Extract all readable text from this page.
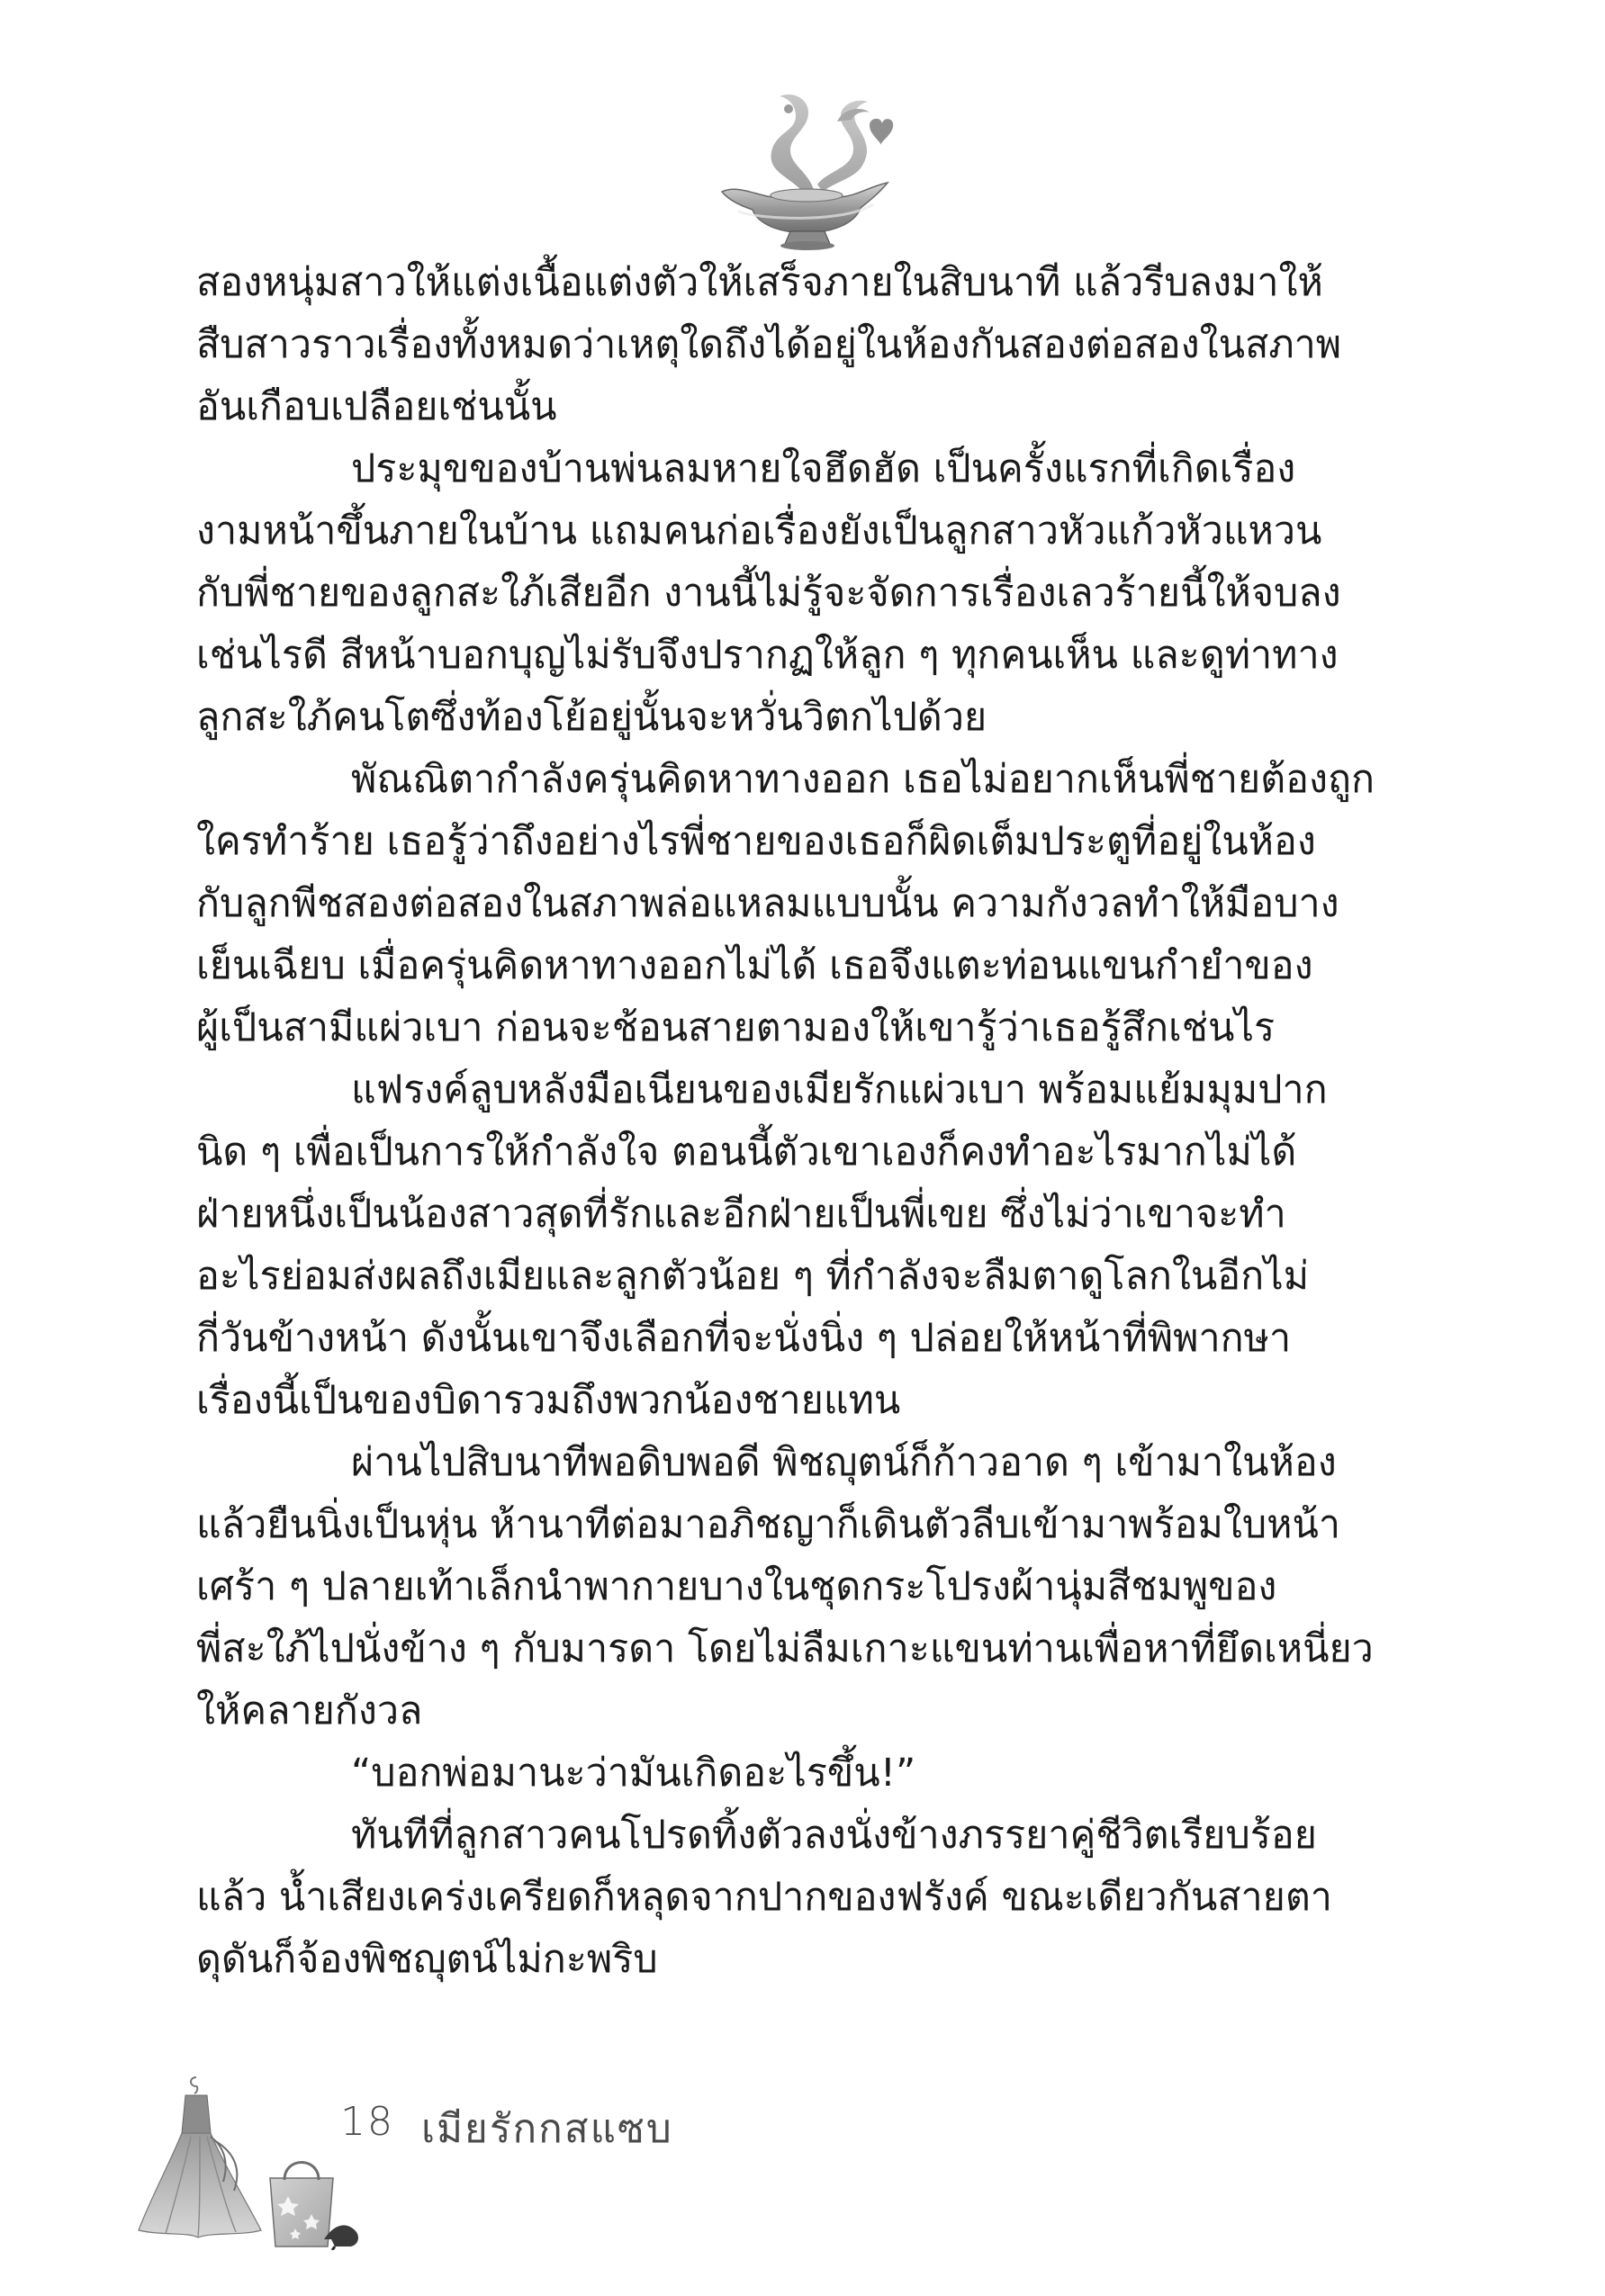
สองหนุ่มสาวให้แต่งเนื้อแต่งตัวให้เสร็จภายในสิบนาที แล้วรีบลงมาให้
สืบสาวราวเรื่องทั้งหมดว่าเหตุใดถึงได้อยู่ในห้องกันสองต่อสองในสภาพ
อันเกือบเปลือยเช่นนั้น
ประมุขของบ้านพ่นลมหายใจฮึดฮัด เป็นครั้งแรกที่เกิดเรื่อง
งามหน้าขึ้นภายในบ้าน แถมคนก่อเรื่องยังเป็นลูกสาวหัวแก้วหัวแหวน
กับพี่ชายของลูกสะใภ้เสียอีก งานนี้ไม่รู้จะจัดการเรื่องเลวร้ายนี้ให้จบลง
เช่นไรดี สีหน้าบอกบุญไม่รับจึงปรากฏให้ลูก ๆ ทุกคนเห็น และดูท่าทาง
ลูกสะใภ้คนโตซึ่งท้องโย้อยู่นั้นจะหวั่นวิตกไปด้วย
พัณณิตากำลังครุ่นคิดหาทางออก เธอไม่อยากเห็นพี่ชายต้องถูก
ใครทำร้าย เธอรู้ว่าถึงอย่างไรพี่ชายของเธอก็ผิดเต็มประตูที่อยู่ในห้อง
กับลูกพีชสองต่อสองในสภาพล่อแหลมแบบนั้น ความกังวลทำให้มือบาง
เย็นเฉียบ เมื่อครุ่นคิดหาทางออกไม่ได้ เธอจึงแตะท่อนแขนกำยำของ
ผู้เป็นสามีแผ่วเบา ก่อนจะช้อนสายตามองให้เขารู้ว่าเธอรู้สึกเช่นไร
แฟรงค์ลูบหลังมือเนียนของเมียรักแผ่วเบา พร้อมแย้มมุมปาก
นิด ๆ เพื่อเป็นการให้กำลังใจ ตอนนี้ตัวเขาเองก็คงทำอะไรมากไม่ได้
ฝ่ายหนึ่งเป็นน้องสาวสุดที่รักและอีกฝ่ายเป็นพี่เขย ซึ่งไม่ว่าเขาจะทำ
อะไรย่อมส่งผลถึงเมียและลูกตัวน้อย ๆ ที่กำลังจะลืมตาดูโลกในอีกไม่
กี่วันข้างหน้า ดังนั้นเขาจึงเลือกที่จะนั่งนิ่ง ๆ ปล่อยให้หน้าที่พิพากษา
เรื่องนี้เป็นของบิดารวมถึงพวกน้องชายแทน
ผ่านไปสิบนาทีพอดิบพอดี พิชญุตน์ก็ก้าวอาด ๆ เข้ามาในห้อง
แล้วยืนนิ่งเป็นหุ่น ห้านาทีต่อมาอภิชญาก็เดินตัวลีบเข้ามาพร้อมใบหน้า
เศร้า ๆ ปลายเท้าเล็กนำพากายบางในชุดกระโปรงผ้านุ่มสีชมพูของ
พี่สะใภ้ไปนั่งข้าง ๆ กับมารดา โดยไม่ลืมเกาะแขนท่านเพื่อหาที่ยึดเหนี่ยว
ให้คลายกังวล
“บอกพ่อมานะว่ามันเกิดอะไรขึ้น!”
ทันทีที่ลูกสาวคนโปรดทิ้งตัวลงนั่งข้างภรรยาคู่ชีวิตเรียบร้อย
แล้ว น้ำเสียงเคร่งเครียดก็หลุดจากปากของฟรังค์ ขณะเดียวกันสายตา
ดุดันก็จ้องพิชญุตน์ไม่กะพริบ
18 เมียรักกสแซบ
